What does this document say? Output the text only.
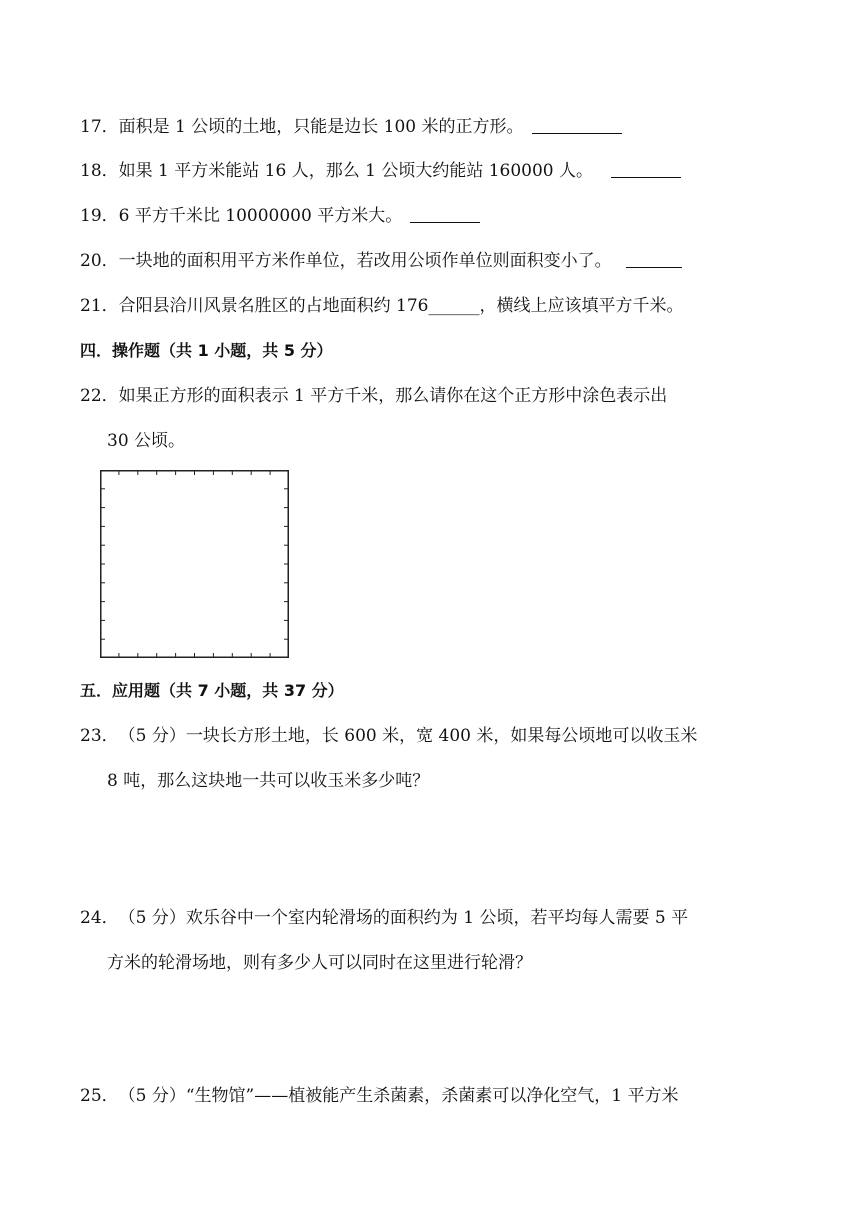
17．面积是 1 公顷的土地，只能是边长 100 米的正方形。
18．如果 1 平方米能站 16 人，那么 1 公顷大约能站 160000 人。
19．6 平方千米比 10000000 平方米大。
20．一块地的面积用平方米作单位，若改用公顷作单位则面积变小了。
21．合阳县洽川风景名胜区的占地面积约 176______，横线上应该填平方千米。
四．操作题（共 1 小题，共 5 分）
22．如果正方形的面积表示 1 平方千米，那么请你在这个正方形中涂色表示出
30 公顷。
五．应用题（共 7 小题，共 37 分）
23．（5 分）一块长方形土地，长 600 米，宽 400 米，如果每公顷地可以收玉米
8 吨，那么这块地一共可以收玉米多少吨？
24．（5 分）欢乐谷中一个室内轮滑场的面积约为 1 公顷，若平均每人需要 5 平
方米的轮滑场地，则有多少人可以同时在这里进行轮滑？
25．（5 分）“生物馆”——植被能产生杀菌素，杀菌素可以净化空气，1 平方米
